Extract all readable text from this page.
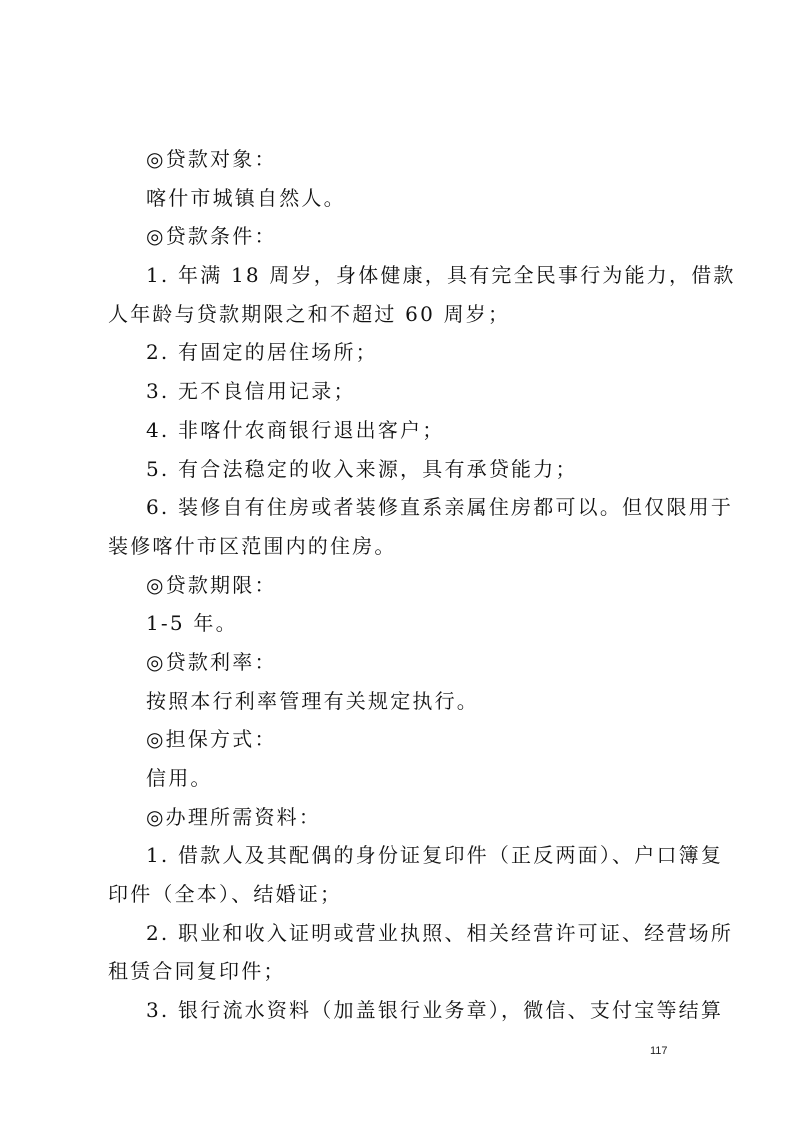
◎贷款对象：
喀什市城镇自然人。
◎贷款条件：
1. 年满 18 周岁，身体健康，具有完全民事行为能力，借款
人年龄与贷款期限之和不超过 60 周岁；
2. 有固定的居住场所；
3. 无不良信用记录；
4. 非喀什农商银行退出客户；
5. 有合法稳定的收入来源，具有承贷能力；
6. 装修自有住房或者装修直系亲属住房都可以。但仅限用于
装修喀什市区范围内的住房。
◎贷款期限：
1-5 年。
◎贷款利率：
按照本行利率管理有关规定执行。
◎担保方式：
信用。
◎办理所需资料：
1. 借款人及其配偶的身份证复印件（正反两面）、户口簿复
印件（全本）、结婚证；
2. 职业和收入证明或营业执照、相关经营许可证、经营场所
租赁合同复印件；
3. 银行流水资料（加盖银行业务章），微信、支付宝等结算
117
